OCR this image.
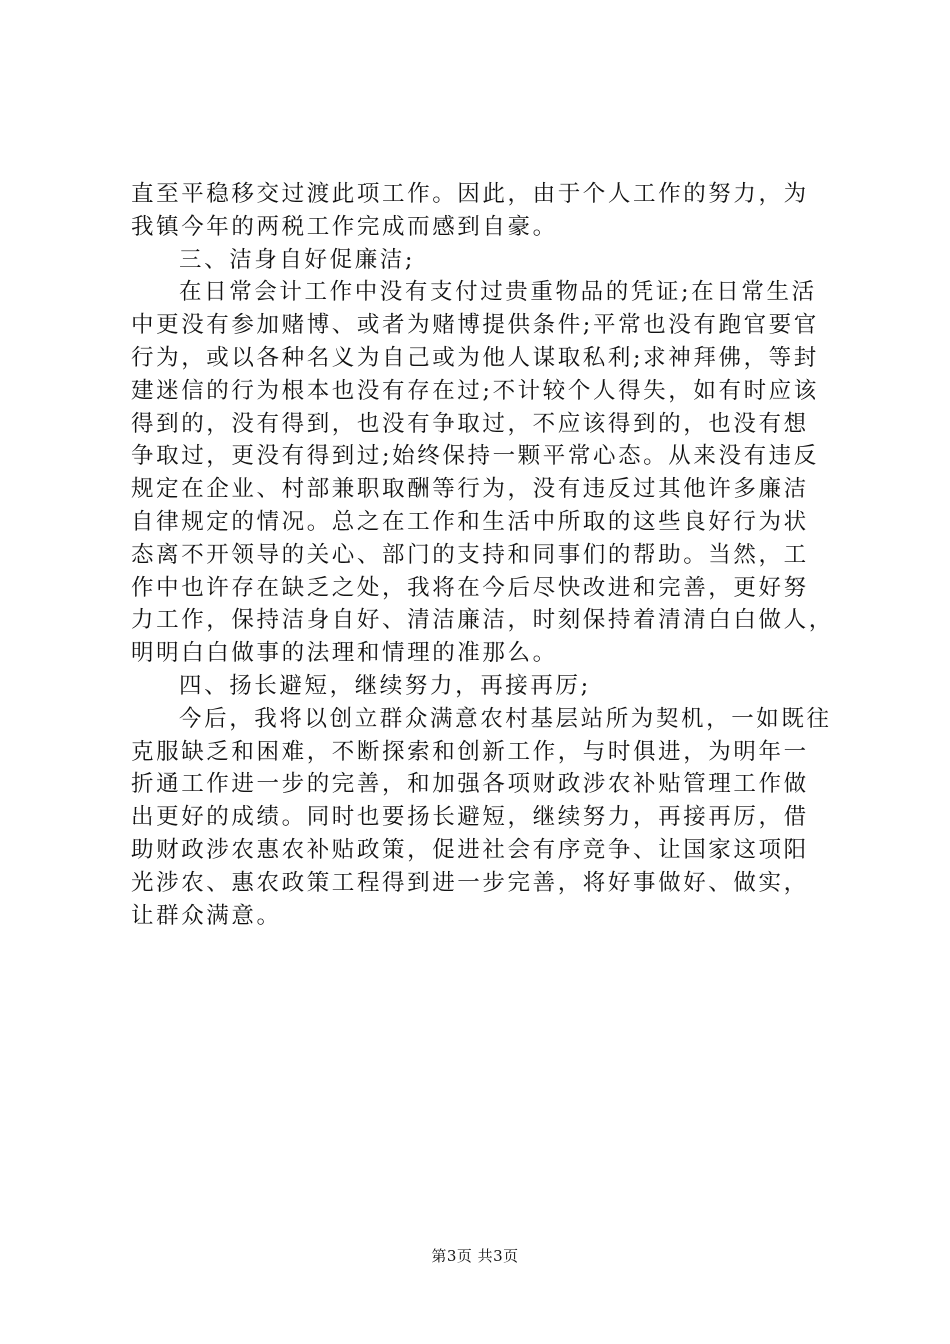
直至平稳移交过渡此项工作。因此，由于个人工作的努力，为
我镇今年的两税工作完成而感到自豪。
三、洁身自好促廉洁;
在日常会计工作中没有支付过贵重物品的凭证;在日常生活
中更没有参加赌博、或者为赌博提供条件;平常也没有跑官要官
行为，或以各种名义为自己或为他人谋取私利;求神拜佛，等封
建迷信的行为根本也没有存在过;不计较个人得失，如有时应该
得到的，没有得到，也没有争取过，不应该得到的，也没有想
争取过，更没有得到过;始终保持一颗平常心态。从来没有违反
规定在企业、村部兼职取酬等行为，没有违反过其他许多廉洁
自律规定的情况。总之在工作和生活中所取的这些良好行为状
态离不开领导的关心、部门的支持和同事们的帮助。当然，工
作中也许存在缺乏之处，我将在今后尽快改进和完善，更好努
力工作，保持洁身自好、清洁廉洁，时刻保持着清清白白做人，
明明白白做事的法理和情理的准那么。
四、扬长避短，继续努力，再接再厉;
今后，我将以创立群众满意农村基层站所为契机，一如既往
克服缺乏和困难，不断探索和创新工作，与时俱进，为明年一
折通工作进一步的完善，和加强各项财政涉农补贴管理工作做
出更好的成绩。同时也要扬长避短，继续努力，再接再厉，借
助财政涉农惠农补贴政策，促进社会有序竞争、让国家这项阳
光涉农、惠农政策工程得到进一步完善，将好事做好、做实，
让群众满意。
第3页 共3页
